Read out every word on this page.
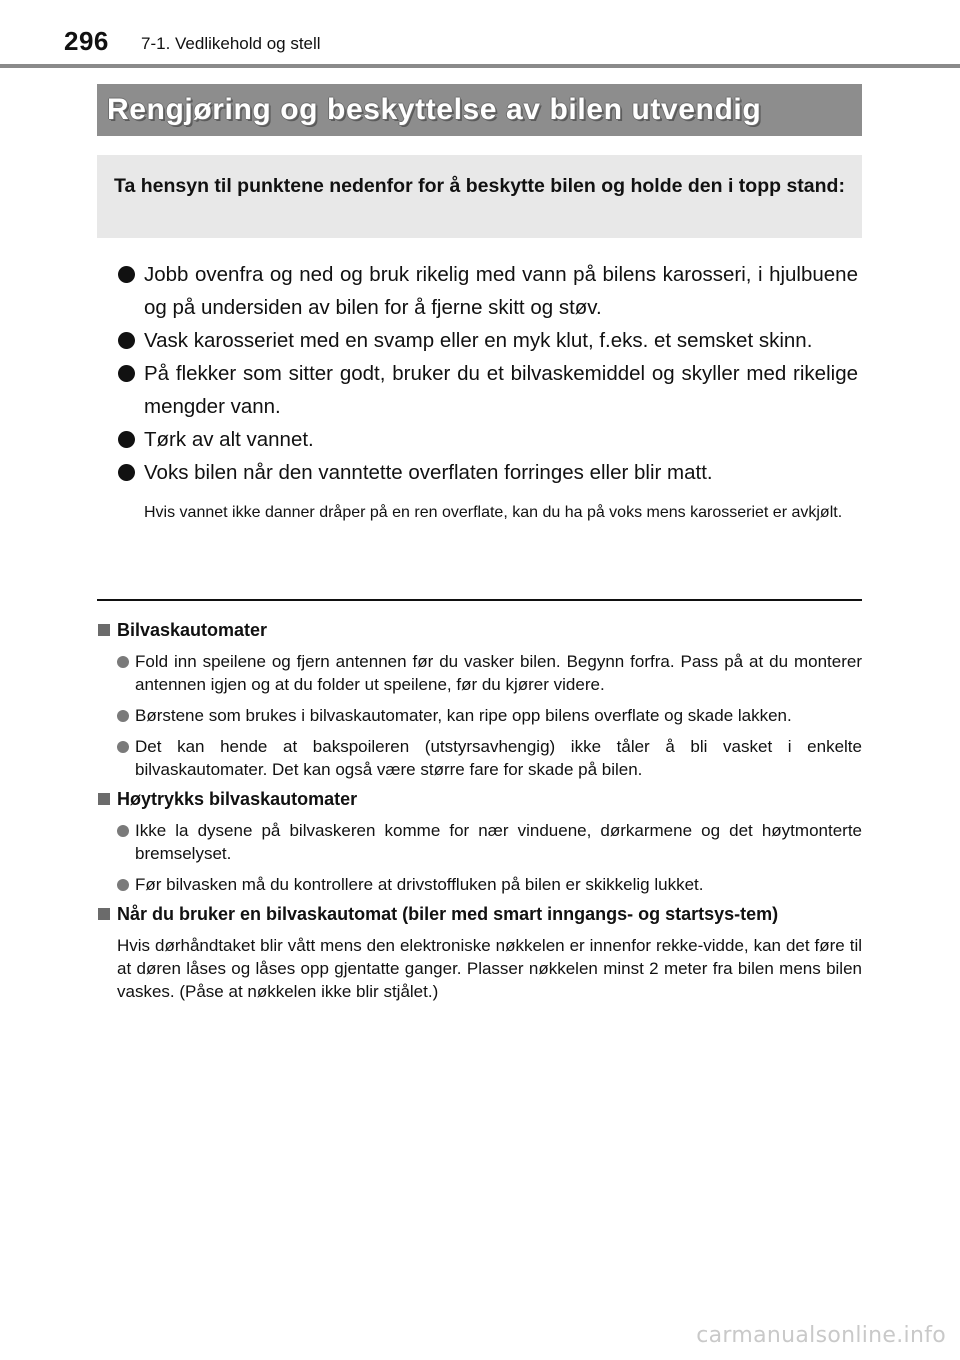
296 7-1. Vedlikehold og stell
Rengjøring og beskyttelse av bilen utvendig
Ta hensyn til punktene nedenfor for å beskytte bilen og holde den i topp stand:
Jobb ovenfra og ned og bruk rikelig med vann på bilens karosseri, i hjulbuene og på undersiden av bilen for å fjerne skitt og støv.
Vask karosseriet med en svamp eller en myk klut, f.eks. et semsket skinn.
På flekker som sitter godt, bruker du et bilvaskemiddel og skyller med rikelige mengder vann.
Tørk av alt vannet.
Voks bilen når den vanntette overflaten forringes eller blir matt.
Hvis vannet ikke danner dråper på en ren overflate, kan du ha på voks mens karosseriet er avkjølt.
Bilvaskautomater
Fold inn speilene og fjern antennen før du vasker bilen. Begynn forfra. Pass på at du monterer antennen igjen og at du folder ut speilene, før du kjører videre.
Børstene som brukes i bilvaskautomater, kan ripe opp bilens overflate og skade lakken.
Det kan hende at bakspoileren (utstyrsavhengig) ikke tåler å bli vasket i enkelte bilvaskautomater. Det kan også være større fare for skade på bilen.
Høytrykks bilvaskautomater
Ikke la dysene på bilvaskeren komme for nær vinduene, dørkarmene og det høytmonterte bremselyset.
Før bilvasken må du kontrollere at drivstoffluken på bilen er skikkelig lukket.
Når du bruker en bilvaskautomat (biler med smart inngangs- og startsys-tem)
Hvis dørhåndtaket blir vått mens den elektroniske nøkkelen er innenfor rekke-vidde, kan det føre til at døren låses og låses opp gjentatte ganger. Plasser nøkkelen minst 2 meter fra bilen mens bilen vaskes. (Påse at nøkkelen ikke blir stjålet.)
carmanualsonline.info
